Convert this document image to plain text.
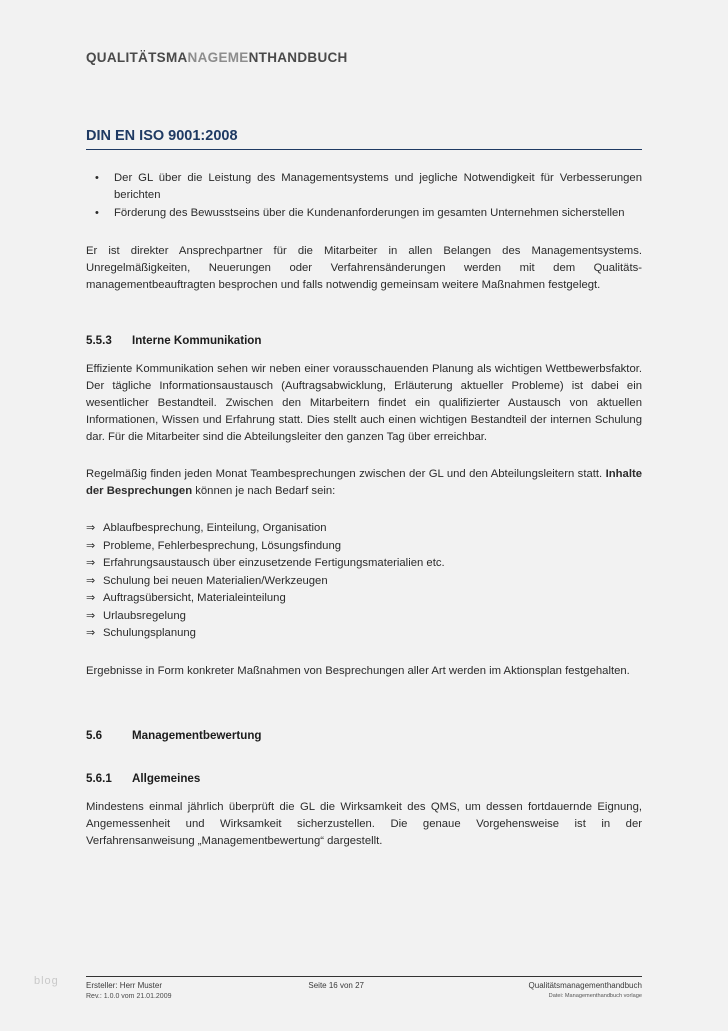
blog
QUALITÄTSMANAGEMENTHANDBUCH
DIN EN ISO 9001:2008
• Der GL über die Leistung des Managementsystems und jegliche Notwendigkeit für Verbesserungen berichten
• Förderung des Bewusstseins über die Kundenanforderungen im gesamten Unternehmen sicherstellen

Er ist direkter Ansprechpartner für die Mitarbeiter in allen Belangen des Managementsystems. Unregelmäßigkeiten, Neuerungen oder Verfahrensänderungen werden mit dem Qualitäts- managementbeauftragten besprochen und falls notwendig gemeinsam weitere Maßnahmen festgelegt.

5.5.3 Interne Kommunikation

Effiziente Kommunikation sehen wir neben einer vorausschauenden Planung als wichtigen Wettbewerbsfaktor. Der tägliche Informationsaustausch (Auftragsabwicklung, Erläuterung aktueller Probleme) ist dabei ein wesentlicher Bestandteil. Zwischen den Mitarbeitern findet ein qualifizierter Austausch von aktuellen Informationen, Wissen und Erfahrung statt. Dies stellt auch einen wichtigen Bestandteil der internen Schulung dar. Für die Mitarbeiter sind die Abteilungsleiter den ganzen Tag über erreichbar.

Regelmäßig finden jeden Monat Teambesprechungen zwischen der GL und den Abteilungsleitern statt. Inhalte der Besprechungen können je nach Bedarf sein:

⇒ Ablaufbesprechung, Einteilung, Organisation
⇒ Probleme, Fehlerbesprechung, Lösungsfindung
⇒ Erfahrungsaustausch über einzusetzende Fertigungsmaterialien etc.
⇒ Schulung bei neuen Materialien/Werkzeugen
⇒ Auftragsübersicht, Materialeinteilung
⇒ Urlaubsregelung
⇒ Schulungsplanung

Ergebnisse in Form konkreter Maßnahmen von Besprechungen aller Art werden im Aktionsplan festgehalten.

5.6	Managementbewertung
5.6.1 Allgemeines

Mindestens einmal jährlich überprüft die GL die Wirksamkeit des QMS, um dessen fortdauernde Eignung, Angemessenheit und Wirksamkeit sicherzustellen. Die genaue Vorgehensweise ist in der Verfahrensanweisung „Managementbewertung“ dargestellt.

Ersteller: Herr Muster	Seite 16 von 27	Qualitätsmanagementhandbuch
Rev.: 1.0.0 vom 21.01.2009	Datei: Managementhandbuch vorlage
